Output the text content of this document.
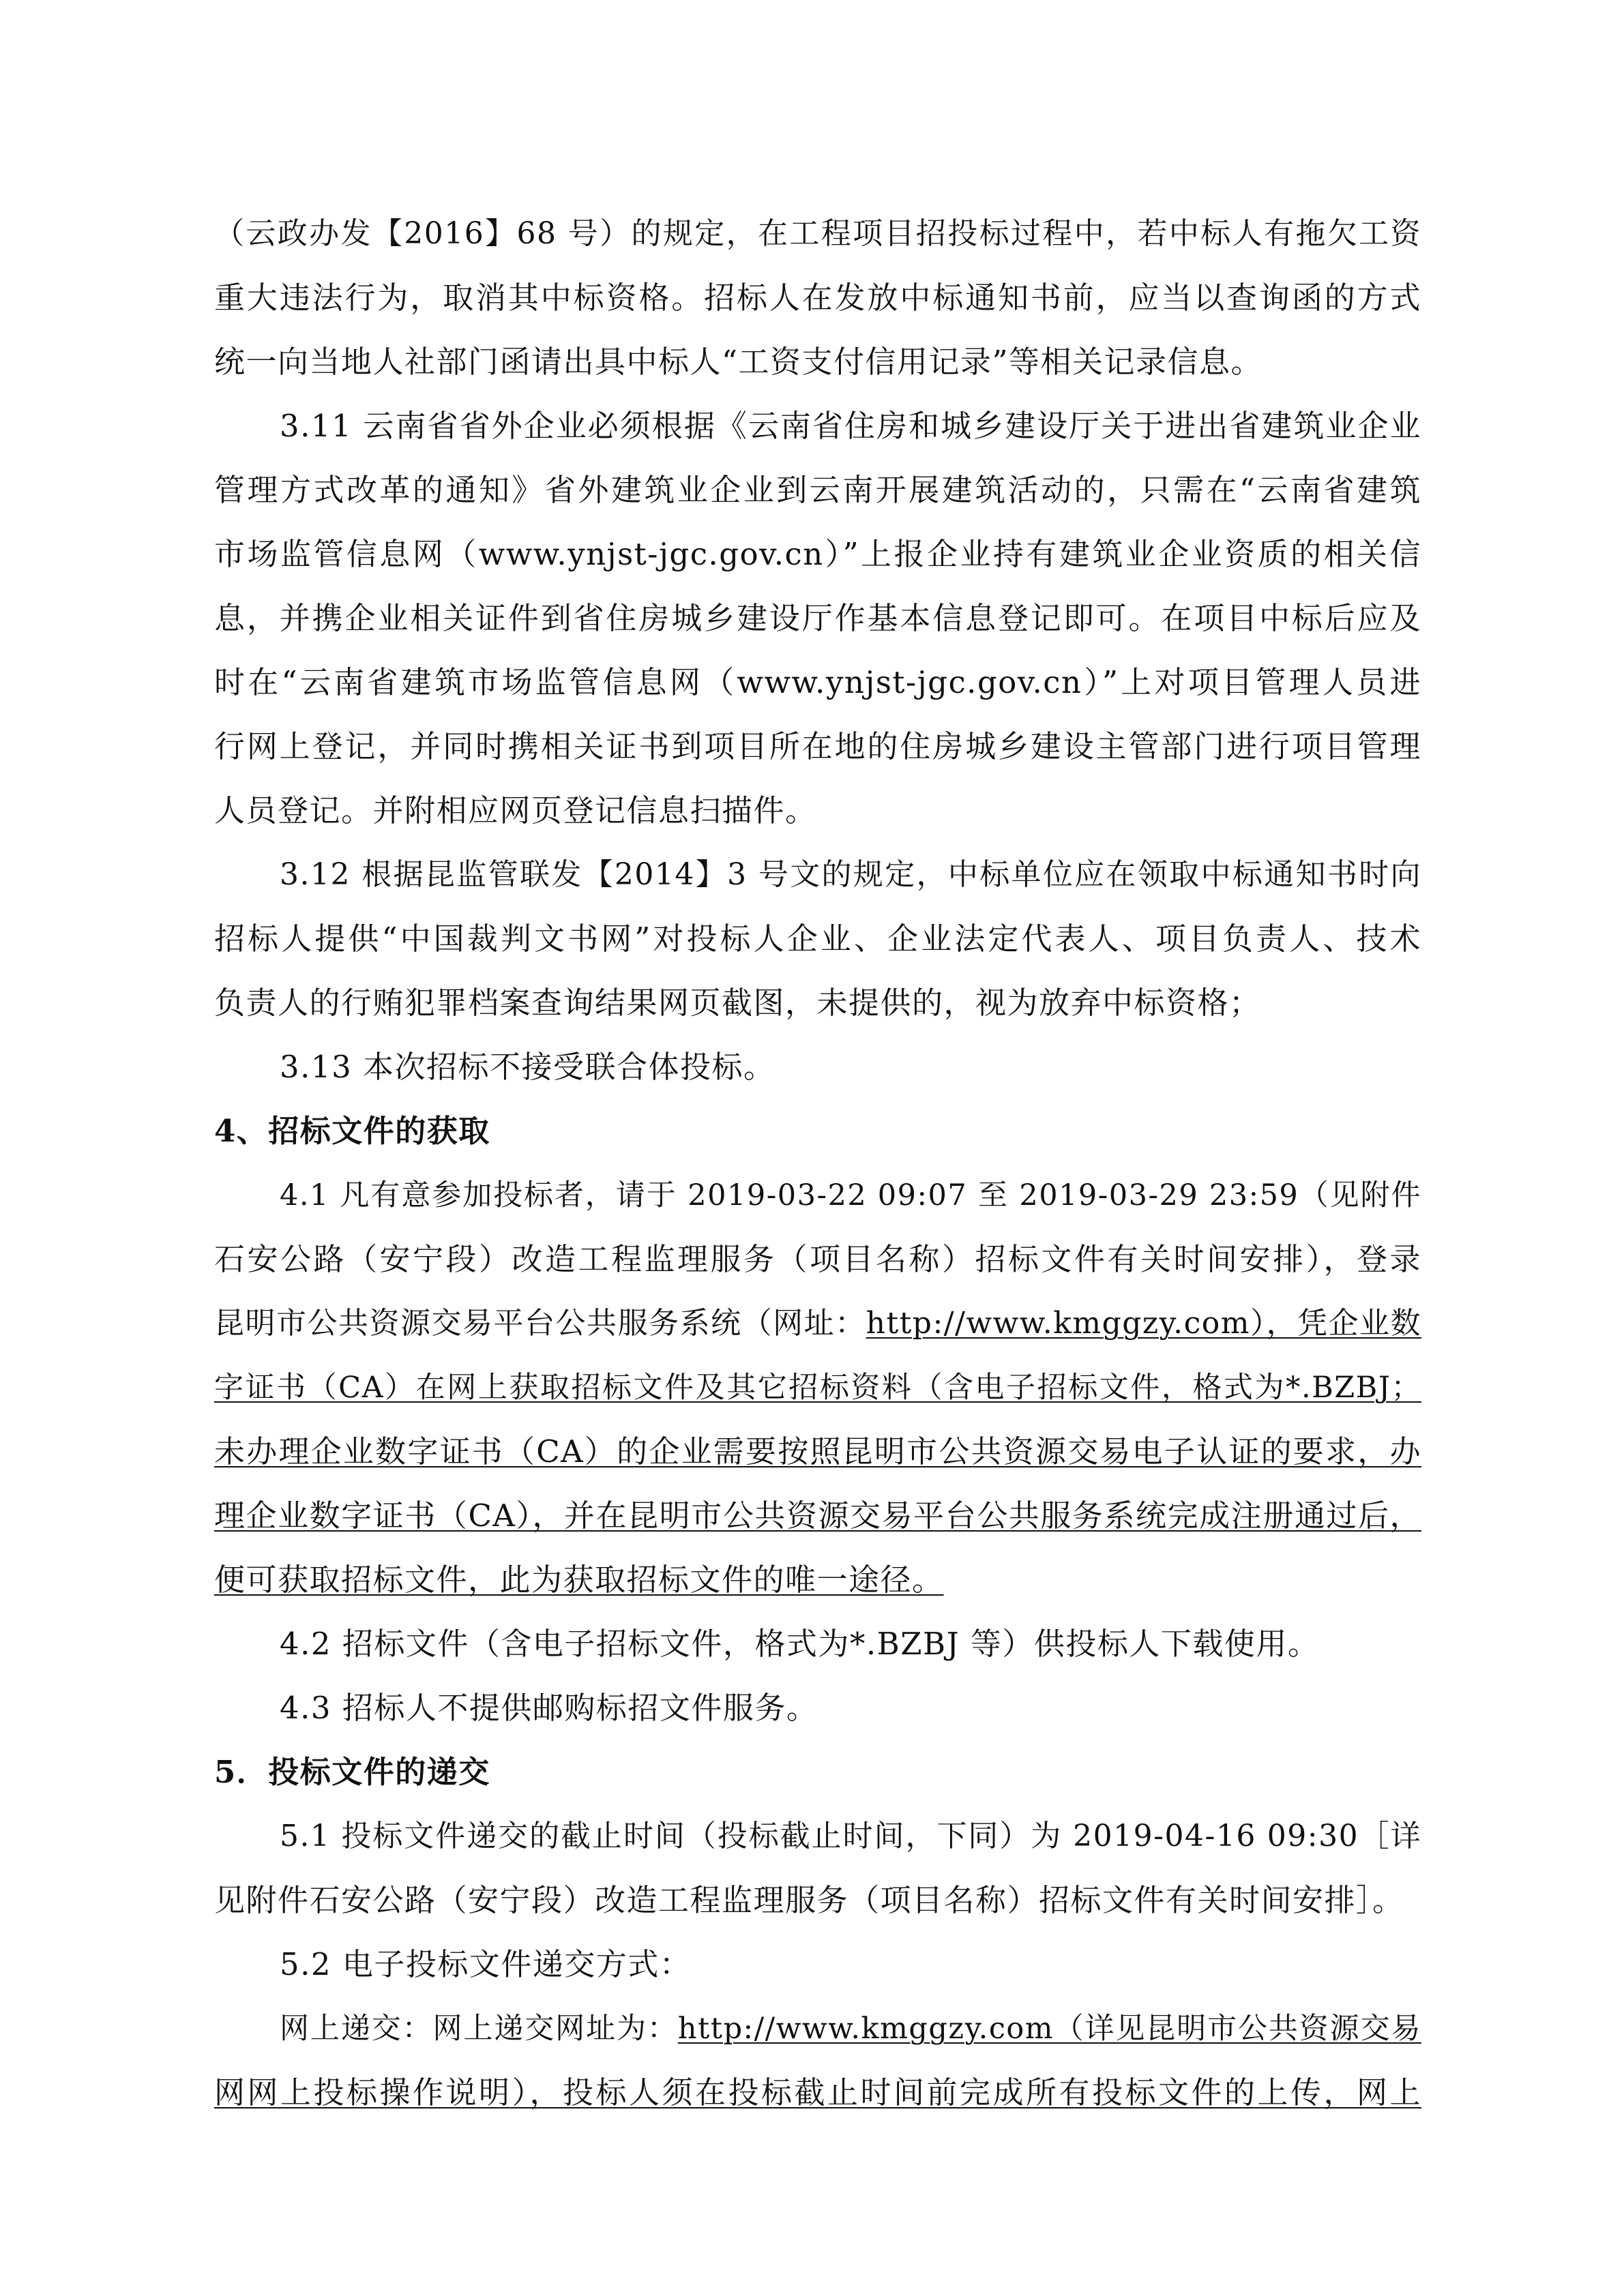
（云政办发【2016】68 号）的规定，在工程项目招投标过程中，若中标人有拖欠工资
重大违法行为，取消其中标资格。招标人在发放中标通知书前，应当以查询函的方式
统一向当地人社部门函请出具中标人“工资支付信用记录”等相关记录信息。
3.11 云南省省外企业必须根据《云南省住房和城乡建设厅关于进出省建筑业企业
管理方式改革的通知》省外建筑业企业到云南开展建筑活动的，只需在“云南省建筑
市场监管信息网（www.ynjst-jgc.gov.cn）”上报企业持有建筑业企业资质的相关信
息，并携企业相关证件到省住房城乡建设厅作基本信息登记即可。在项目中标后应及
时在“云南省建筑市场监管信息网（www.ynjst-jgc.gov.cn）”上对项目管理人员进
行网上登记，并同时携相关证书到项目所在地的住房城乡建设主管部门进行项目管理
人员登记。并附相应网页登记信息扫描件。
3.12 根据昆监管联发【2014】3 号文的规定，中标单位应在领取中标通知书时向
招标人提供“中国裁判文书网”对投标人企业、企业法定代表人、项目负责人、技术
负责人的行贿犯罪档案查询结果网页截图，未提供的，视为放弃中标资格；
3.13 本次招标不接受联合体投标。
4、招标文件的获取
4.1 凡有意参加投标者，请于 2019-03-22 09:07 至 2019-03-29 23:59（见附件
石安公路（安宁段）改造工程监理服务（项目名称）招标文件有关时间安排），登录
昆明市公共资源交易平台公共服务系统（网址：http://www.kmggzy.com），凭企业数
字证书（CA）在网上获取招标文件及其它招标资料（含电子招标文件，格式为*.BZBJ；
未办理企业数字证书（CA）的企业需要按照昆明市公共资源交易电子认证的要求，办
理企业数字证书（CA），并在昆明市公共资源交易平台公共服务系统完成注册通过后，
便可获取招标文件，此为获取招标文件的唯一途径。
4.2 招标文件（含电子招标文件，格式为*.BZBJ 等）供投标人下载使用。
4.3 招标人不提供邮购标招文件服务。
5．投标文件的递交
5.1 投标文件递交的截止时间（投标截止时间，下同）为 2019-04-16 09:30［详
见附件石安公路（安宁段）改造工程监理服务（项目名称）招标文件有关时间安排］。
5.2 电子投标文件递交方式：
网上递交：网上递交网址为：http://www.kmggzy.com（详见昆明市公共资源交易
网网上投标操作说明），投标人须在投标截止时间前完成所有投标文件的上传，网上
